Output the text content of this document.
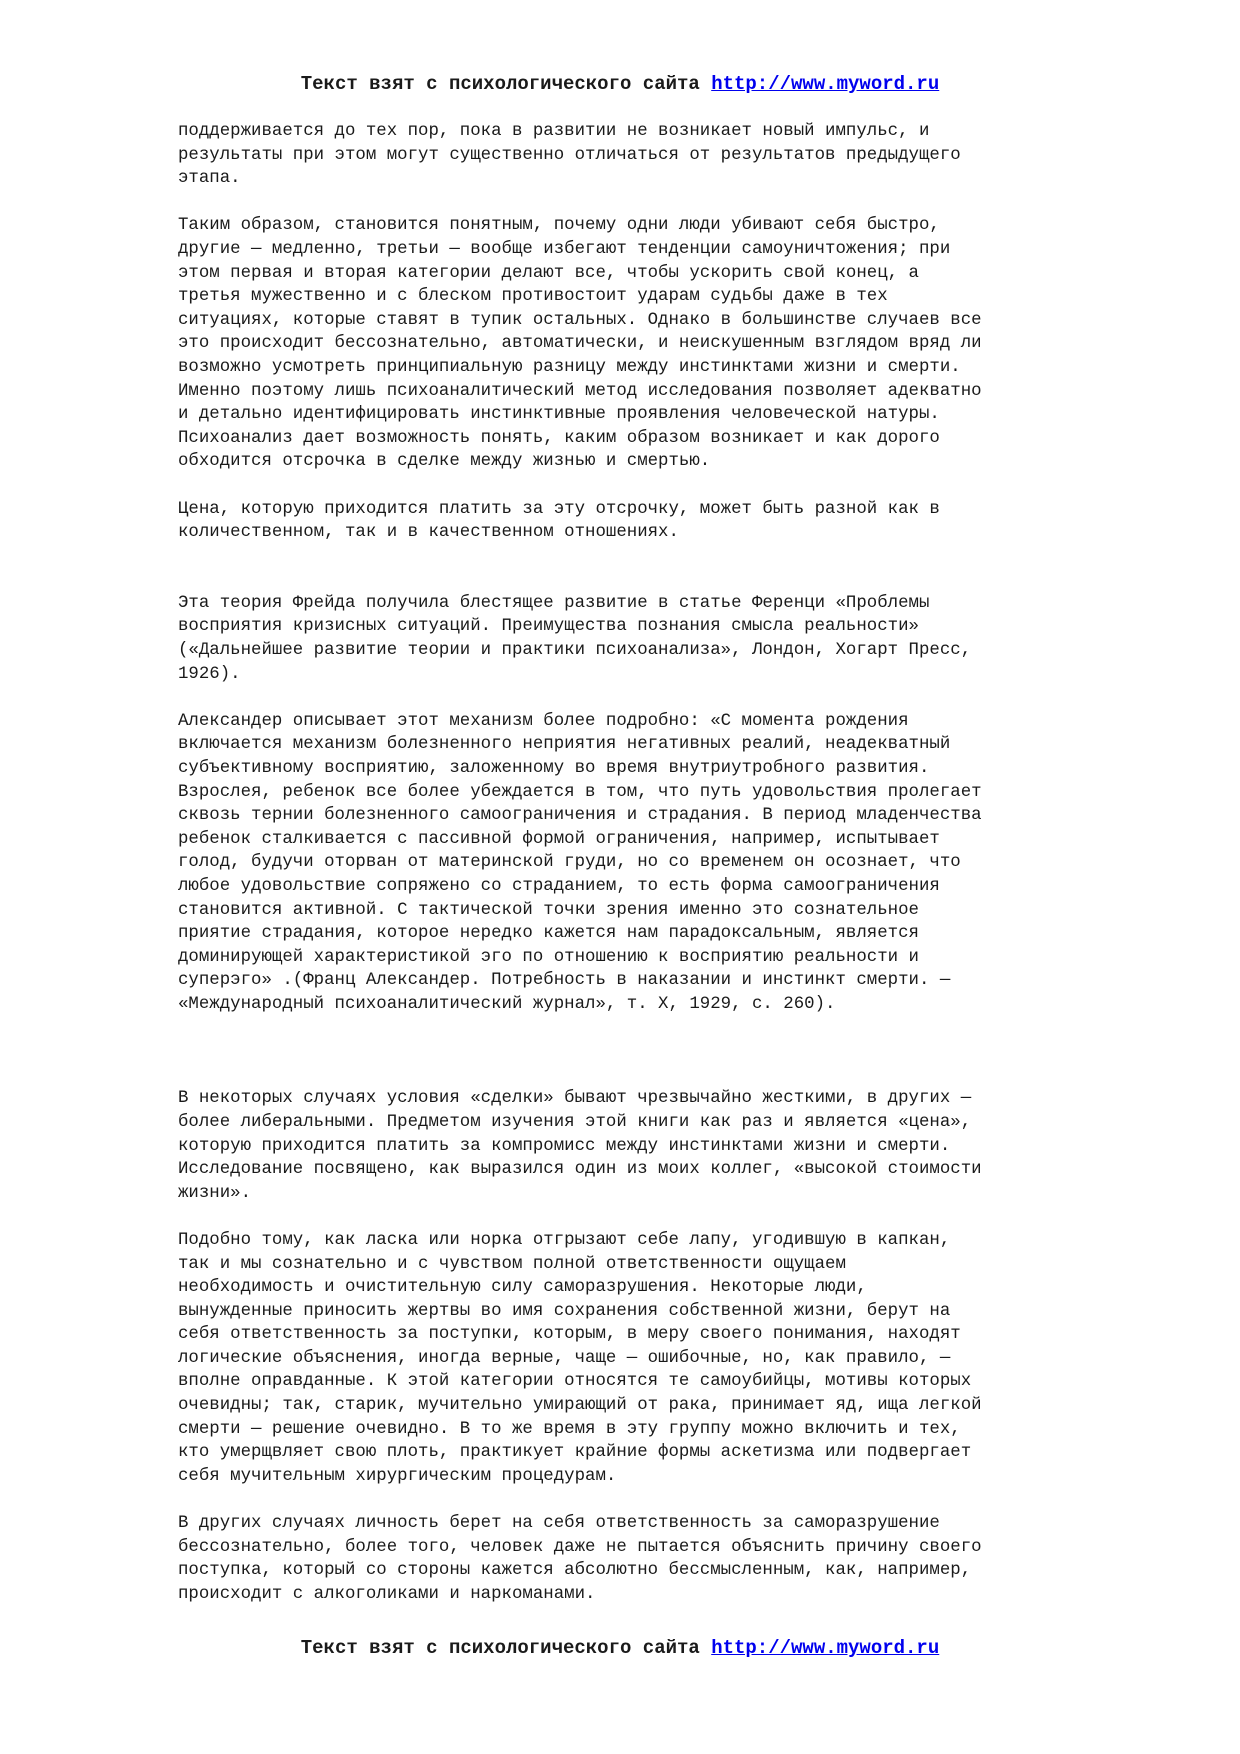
Текст взят с психологического сайта http://www.myword.ru
поддерживается до тех пор, пока в развитии не возникает новый импульс, и
результаты при этом могут существенно отличаться от результатов предыдущего
этапа.
Таким образом, становится понятным, почему одни люди убивают себя быстро,
другие — медленно, третьи — вообще избегают тенденции самоуничтожения; при
этом первая и вторая категории делают все, чтобы ускорить свой конец, а
третья мужественно и с блеском противостоит ударам судьбы даже в тех
ситуациях, которые ставят в тупик остальных. Однако в большинстве случаев все
это происходит бессознательно, автоматически, и неискушенным взглядом вряд ли
возможно усмотреть принципиальную разницу между инстинктами жизни и смерти.
Именно поэтому лишь психоаналитический метод исследования позволяет адекватно
и детально идентифицировать инстинктивные проявления человеческой натуры.
Психоанализ дает возможность понять, каким образом возникает и как дорого
обходится отсрочка в сделке между жизнью и смертью.
Цена, которую приходится платить за эту отсрочку, может быть разной как в
количественном, так и в качественном отношениях.
Эта теория Фрейда получила блестящее развитие в статье Ференци «Проблемы
восприятия кризисных ситуаций. Преимущества познания смысла реальности»
(«Дальнейшее развитие теории и практики психоанализа», Лондон, Хогарт Пресс,
1926).
Александер описывает этот механизм более подробно: «С момента рождения
включается механизм болезненного неприятия негативных реалий, неадекватный
субъективному восприятию, заложенному во время внутриутробного развития.
Взрослея, ребенок все более убеждается в том, что путь удовольствия пролегает
сквозь тернии болезненного самоограничения и страдания. В период младенчества
ребенок сталкивается с пассивной формой ограничения, например, испытывает
голод, будучи оторван от материнской груди, но со временем он осознает, что
любое удовольствие сопряжено со страданием, то есть форма самоограничения
становится активной. С тактической точки зрения именно это сознательное
приятие страдания, которое нередко кажется нам парадоксальным, является
доминирующей характеристикой эго по отношению к восприятию реальности и
суперэго» .(Франц Александер. Потребность в наказании и инстинкт смерти. —
«Международный психоаналитический журнал», т. X, 1929, с. 260).
В некоторых случаях условия «сделки» бывают чрезвычайно жесткими, в других —
более либеральными. Предметом изучения этой книги как раз и является «цена»,
которую приходится платить за компромисс между инстинктами жизни и смерти.
Исследование посвящено, как выразился один из моих коллег, «высокой стоимости
жизни».
Подобно тому, как ласка или норка отгрызают себе лапу, угодившую в капкан,
так и мы сознательно и с чувством полной ответственности ощущаем
необходимость и очистительную силу саморазрушения. Некоторые люди,
вынужденные приносить жертвы во имя сохранения собственной жизни, берут на
себя ответственность за поступки, которым, в меру своего понимания, находят
логические объяснения, иногда верные, чаще — ошибочные, но, как правило, —
вполне оправданные. К этой категории относятся те самоубийцы, мотивы которых
очевидны; так, старик, мучительно умирающий от рака, принимает яд, ища легкой
смерти — решение очевидно. В то же время в эту группу можно включить и тех,
кто умерщвляет свою плоть, практикует крайние формы аскетизма или подвергает
себя мучительным хирургическим процедурам.
В других случаях личность берет на себя ответственность за саморазрушение
бессознательно, более того, человек даже не пытается объяснить причину своего
поступка, который со стороны кажется абсолютно бессмысленным, как, например,
происходит с алкоголиками и наркоманами.
Текст взят с психологического сайта http://www.myword.ru
